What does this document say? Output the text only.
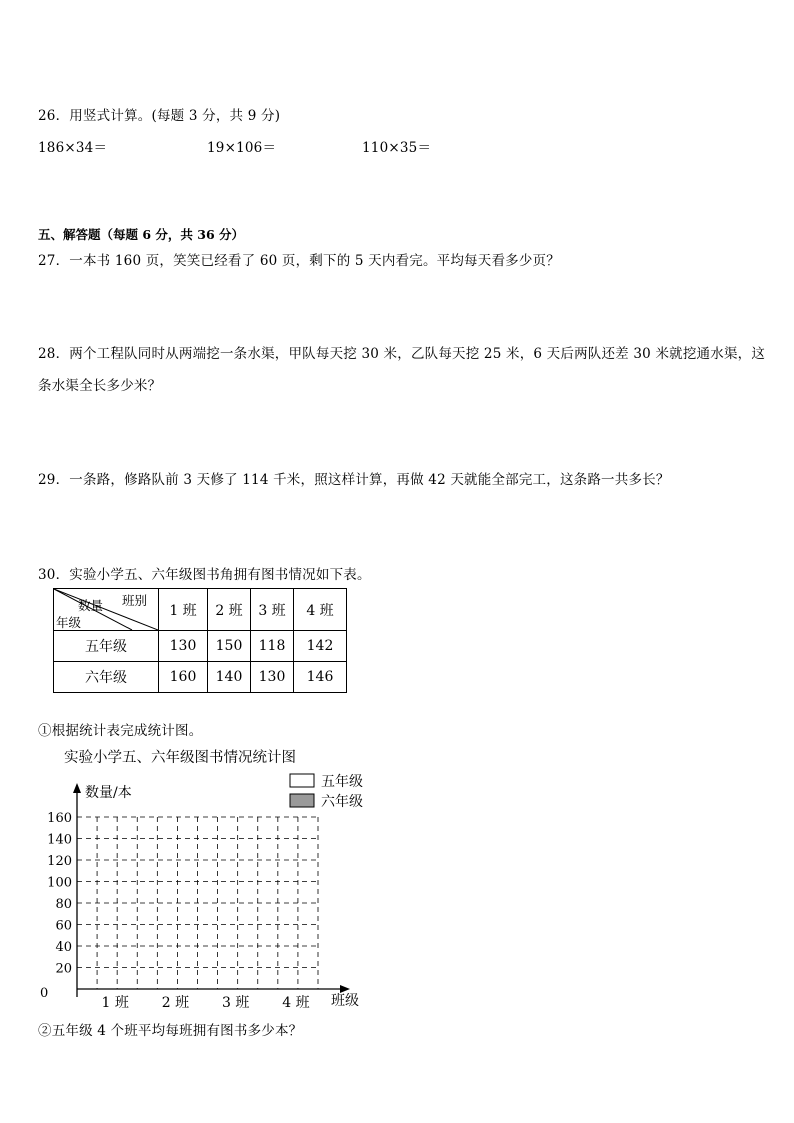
26．用竖式计算。(每题 3 分，共 9 分)
186×34＝	19×106＝	110×35＝
五、解答题（每题 6 分，共 36 分）
27．一本书 160 页，笑笑已经看了 60 页，剩下的 5 天内看完。平均每天看多少页？
28．两个工程队同时从两端挖一条水渠，甲队每天挖 30 米，乙队每天挖 25 米，6 天后两队还差 30 米就挖通水渠，这
条水渠全长多少米？
29．一条路，修路队前 3 天修了 114 千米，照这样计算，再做 42 天就能全部完工，这条路一共多长？
30．实验小学五、六年级图书角拥有图书情况如下表。
班别
数量
年级	1 班	2 班	3 班	4 班
五年级	130	150	118	142
六年级	160	140	130	146
①根据统计表完成统计图。
实验小学五、六年级图书情况统计图
0
20
40
60
80
100
120
140
160
1 班 2 班 3 班 4 班
数量/本
班级
五年级
六年级
②五年级 4 个班平均每班拥有图书多少本？
